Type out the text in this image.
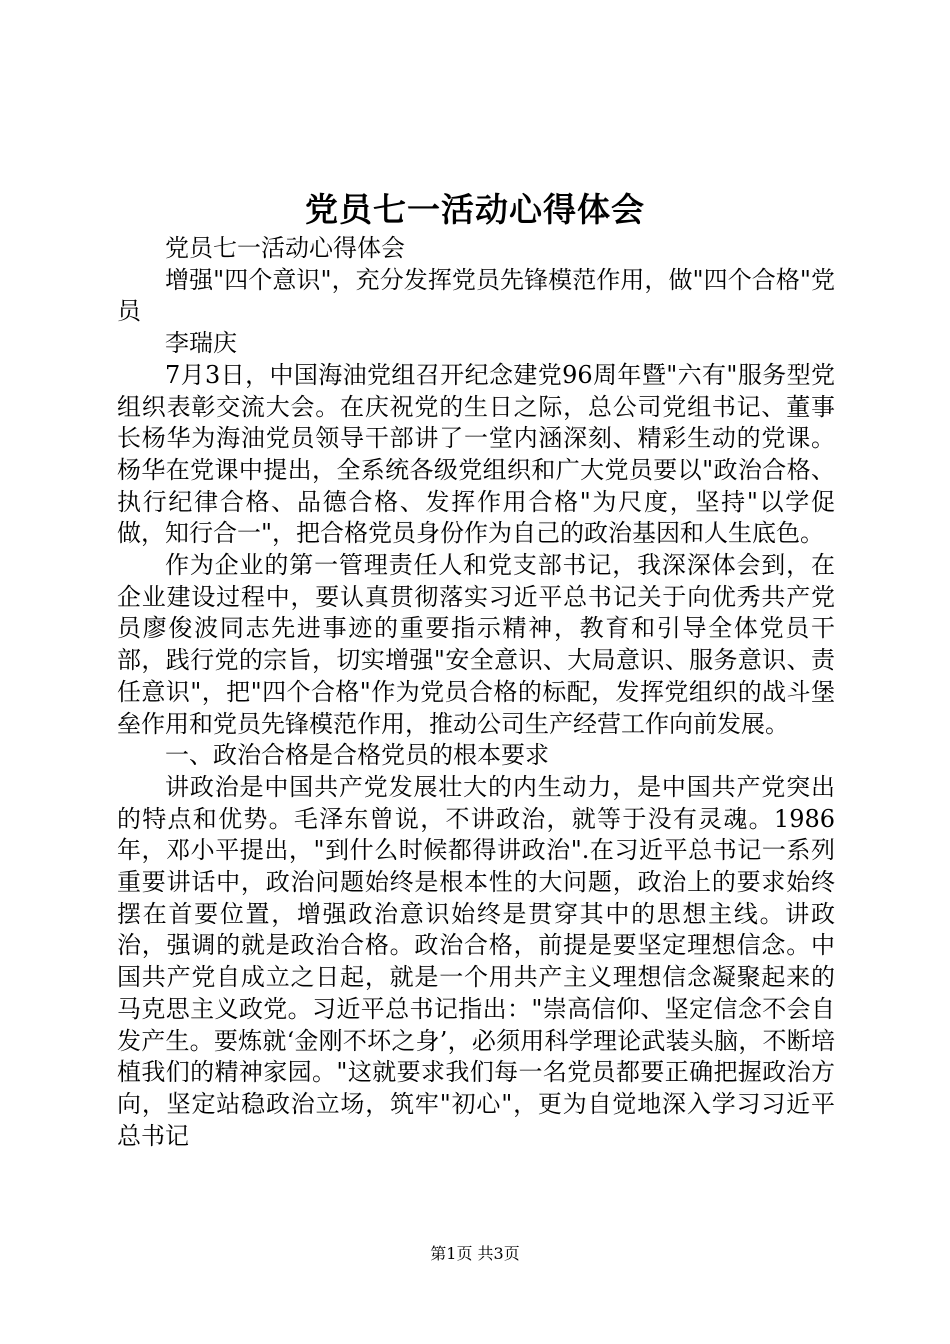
党员七一活动心得体会

党员七一活动心得体会

增强"四个意识"，充分发挥党员先锋模范作用，做"四个合格"党员

李瑞庆

7月3日，中国海油党组召开纪念建党96周年暨"六有"服务型党组织表彰交流大会。在庆祝党的生日之际，总公司党组书记、董事长杨华为海油党员领导干部讲了一堂内涵深刻、精彩生动的党课。杨华在党课中提出，全系统各级党组织和广大党员要以"政治合格、执行纪律合格、品德合格、发挥作用合格"为尺度，坚持"以学促做，知行合一"，把合格党员身份作为自己的政治基因和人生底色。

作为企业的第一管理责任人和党支部书记，我深深体会到，在企业建设过程中，要认真贯彻落实习近平总书记关于向优秀共产党员廖俊波同志先进事迹的重要指示精神，教育和引导全体党员干部，践行党的宗旨，切实增强"安全意识、大局意识、服务意识、责任意识"，把"四个合格"作为党员合格的标配，发挥党组织的战斗堡垒作用和党员先锋模范作用，推动公司生产经营工作向前发展。

一、政治合格是合格党员的根本要求

讲政治是中国共产党发展壮大的内生动力，是中国共产党突出的特点和优势。毛泽东曾说，不讲政治，就等于没有灵魂。1986年，邓小平提出，"到什么时候都得讲政治".在习近平总书记一系列重要讲话中，政治问题始终是根本性的大问题，政治上的要求始终摆在首要位置，增强政治意识始终是贯穿其中的思想主线。讲政治，强调的就是政治合格。政治合格，前提是要坚定理想信念。中国共产党自成立之日起，就是一个用共产主义理想信念凝聚起来的马克思主义政党。习近平总书记指出："崇高信仰、坚定信念不会自发产生。要炼就‘金刚不坏之身’，必须用科学理论武装头脑，不断培植我们的精神家园。"这就要求我们每一名党员都要正确把握政治方向，坚定站稳政治立场，筑牢"初心"，更为自觉地深入学习习近平总书记

第1页 共3页
